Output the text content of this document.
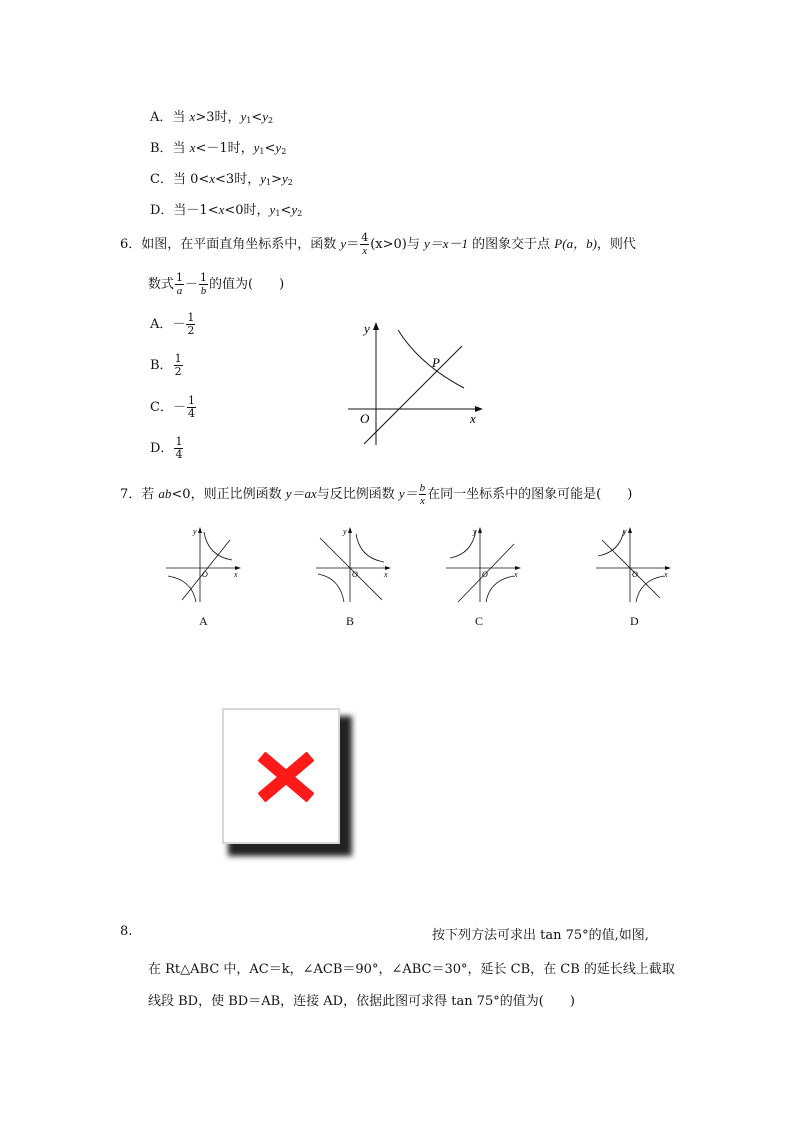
A．当 x>3时，$y_1<y_2$
B．当 x<－1时，$y_1<y_2$
C．当 0<x<3时，$y_1>y_2$
D．当－1<x<0时，$y_1<y_2$
6．如图，在平面直角坐标系中，函数 $y= \frac{4}{x} (x>0)$与 y＝x－1 的图象交于点 P(a，b)，则代
数式 $\frac{1}{a} - \frac{1}{b}$ 的值为(　　)
A．－ $\frac{1}{2}$
B． $\frac{1}{2}$
C．－ $\frac{1}{4}$
D． $\frac{1}{4}$
y
x
O
P
7．若 ab<0，则正比例函数 y＝ax与反比例函数 $y= \frac{b}{x}$ 在同一坐标系中的图象可能是(　　)
y
x
O
A
y
x
O
B
y
x
O
C
y
x
O
D
8.	按下列方法可求出 tan 75°的值,如图,
在 Rt△ABC 中，AC＝k，∠ACB＝90°，∠ABC＝30°，延长 CB，在 CB 的延长线上截取
线段 BD，使 BD＝AB，连接 AD，依据此图可求得 tan 75°的值为(　　)
